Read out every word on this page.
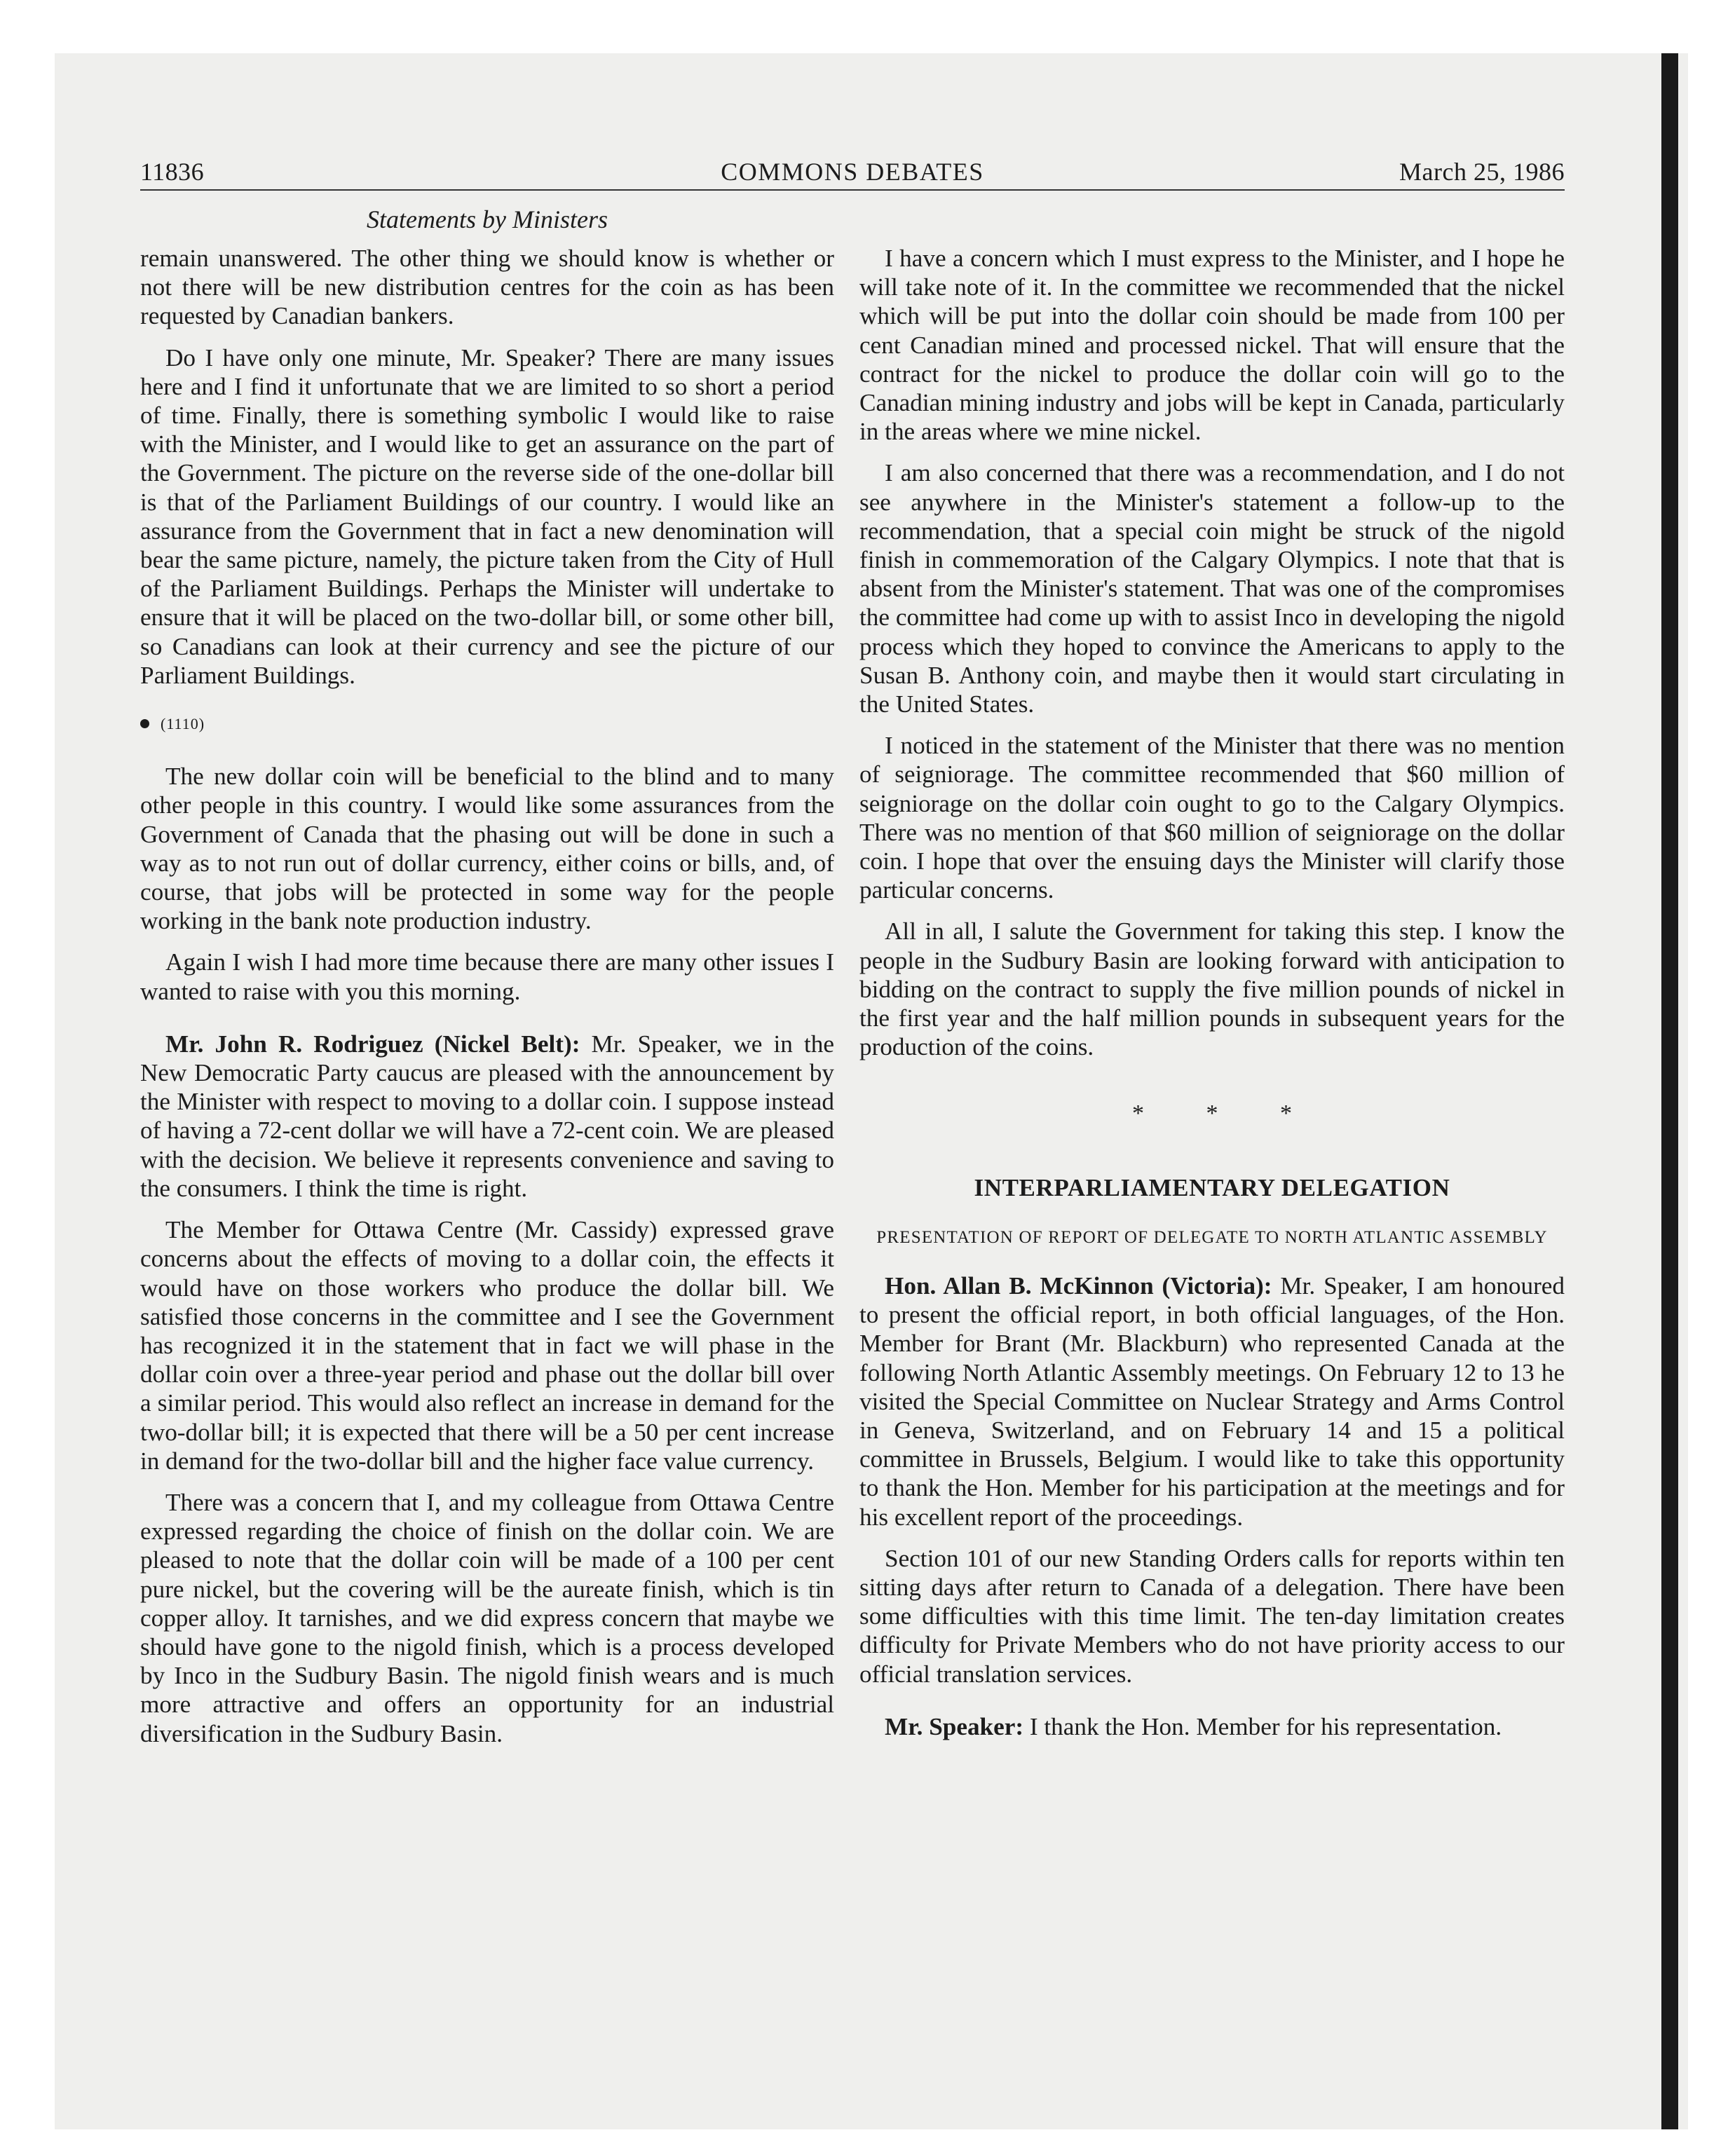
11836	COMMONS DEBATES	March 25, 1986
Statements by Ministers

remain unanswered. The other thing we should know is whether or not there will be new distribution centres for the coin as has been requested by Canadian bankers.

Do I have only one minute, Mr. Speaker? There are many issues here and I find it unfortunate that we are limited to so short a period of time. Finally, there is something symbolic I would like to raise with the Minister, and I would like to get an assurance on the part of the Government. The picture on the reverse side of the one-dollar bill is that of the Parliament Buildings of our country. I would like an assurance from the Government that in fact a new denomination will bear the same picture, namely, the picture taken from the City of Hull of the Parliament Buildings. Perhaps the Minister will undertake to ensure that it will be placed on the two-dollar bill, or some other bill, so Canadians can look at their currency and see the picture of our Parliament Buildings.

(1110)

The new dollar coin will be beneficial to the blind and to many other people in this country. I would like some assurances from the Government of Canada that the phasing out will be done in such a way as to not run out of dollar currency, either coins or bills, and, of course, that jobs will be protected in some way for the people working in the bank note production industry.

Again I wish I had more time because there are many other issues I wanted to raise with you this morning.

Mr. John R. Rodriguez (Nickel Belt): Mr. Speaker, we in the New Democratic Party caucus are pleased with the announcement by the Minister with respect to moving to a dollar coin. I suppose instead of having a 72-cent dollar we will have a 72-cent coin. We are pleased with the decision. We believe it represents convenience and saving to the consumers. I think the time is right.

The Member for Ottawa Centre (Mr. Cassidy) expressed grave concerns about the effects of moving to a dollar coin, the effects it would have on those workers who produce the dollar bill. We satisfied those concerns in the committee and I see the Government has recognized it in the statement that in fact we will phase in the dollar coin over a three-year period and phase out the dollar bill over a similar period. This would also reflect an increase in demand for the two-dollar bill; it is expected that there will be a 50 per cent increase in demand for the two-dollar bill and the higher face value currency.

There was a concern that I, and my colleague from Ottawa Centre expressed regarding the choice of finish on the dollar coin. We are pleased to note that the dollar coin will be made of a 100 per cent pure nickel, but the covering will be the aureate finish, which is tin copper alloy. It tarnishes, and we did express concern that maybe we should have gone to the nigold finish, which is a process developed by Inco in the Sudbury Basin. The nigold finish wears and is much more attractive and offers an opportunity for an industrial diversification in the Sudbury Basin.

I have a concern which I must express to the Minister, and I hope he will take note of it. In the committee we recommended that the nickel which will be put into the dollar coin should be made from 100 per cent Canadian mined and processed nickel. That will ensure that the contract for the nickel to produce the dollar coin will go to the Canadian mining industry and jobs will be kept in Canada, particularly in the areas where we mine nickel.

I am also concerned that there was a recommendation, and I do not see anywhere in the Minister's statement a follow-up to the recommendation, that a special coin might be struck of the nigold finish in commemoration of the Calgary Olympics. I note that that is absent from the Minister's statement. That was one of the compromises the committee had come up with to assist Inco in developing the nigold process which they hoped to convince the Americans to apply to the Susan B. Anthony coin, and maybe then it would start circulating in the United States.

I noticed in the statement of the Minister that there was no mention of seigniorage. The committee recommended that $60 million of seigniorage on the dollar coin ought to go to the Calgary Olympics. There was no mention of that $60 million of seigniorage on the dollar coin. I hope that over the ensuing days the Minister will clarify those particular concerns.

All in all, I salute the Government for taking this step. I know the people in the Sudbury Basin are looking forward with anticipation to bidding on the contract to supply the five million pounds of nickel in the first year and the half million pounds in subsequent years for the production of the coins.

* * *
INTERPARLIAMENTARY DELEGATION
PRESENTATION OF REPORT OF DELEGATE TO NORTH ATLANTIC ASSEMBLY

Hon. Allan B. McKinnon (Victoria): Mr. Speaker, I am honoured to present the official report, in both official languages, of the Hon. Member for Brant (Mr. Blackburn) who represented Canada at the following North Atlantic Assembly meetings. On February 12 to 13 he visited the Special Committee on Nuclear Strategy and Arms Control in Geneva, Switzerland, and on February 14 and 15 a political committee in Brussels, Belgium. I would like to take this opportunity to thank the Hon. Member for his participation at the meetings and for his excellent report of the proceedings.

Section 101 of our new Standing Orders calls for reports within ten sitting days after return to Canada of a delegation. There have been some difficulties with this time limit. The ten-day limitation creates difficulty for Private Members who do not have priority access to our official translation services.

Mr. Speaker: I thank the Hon. Member for his representation.
